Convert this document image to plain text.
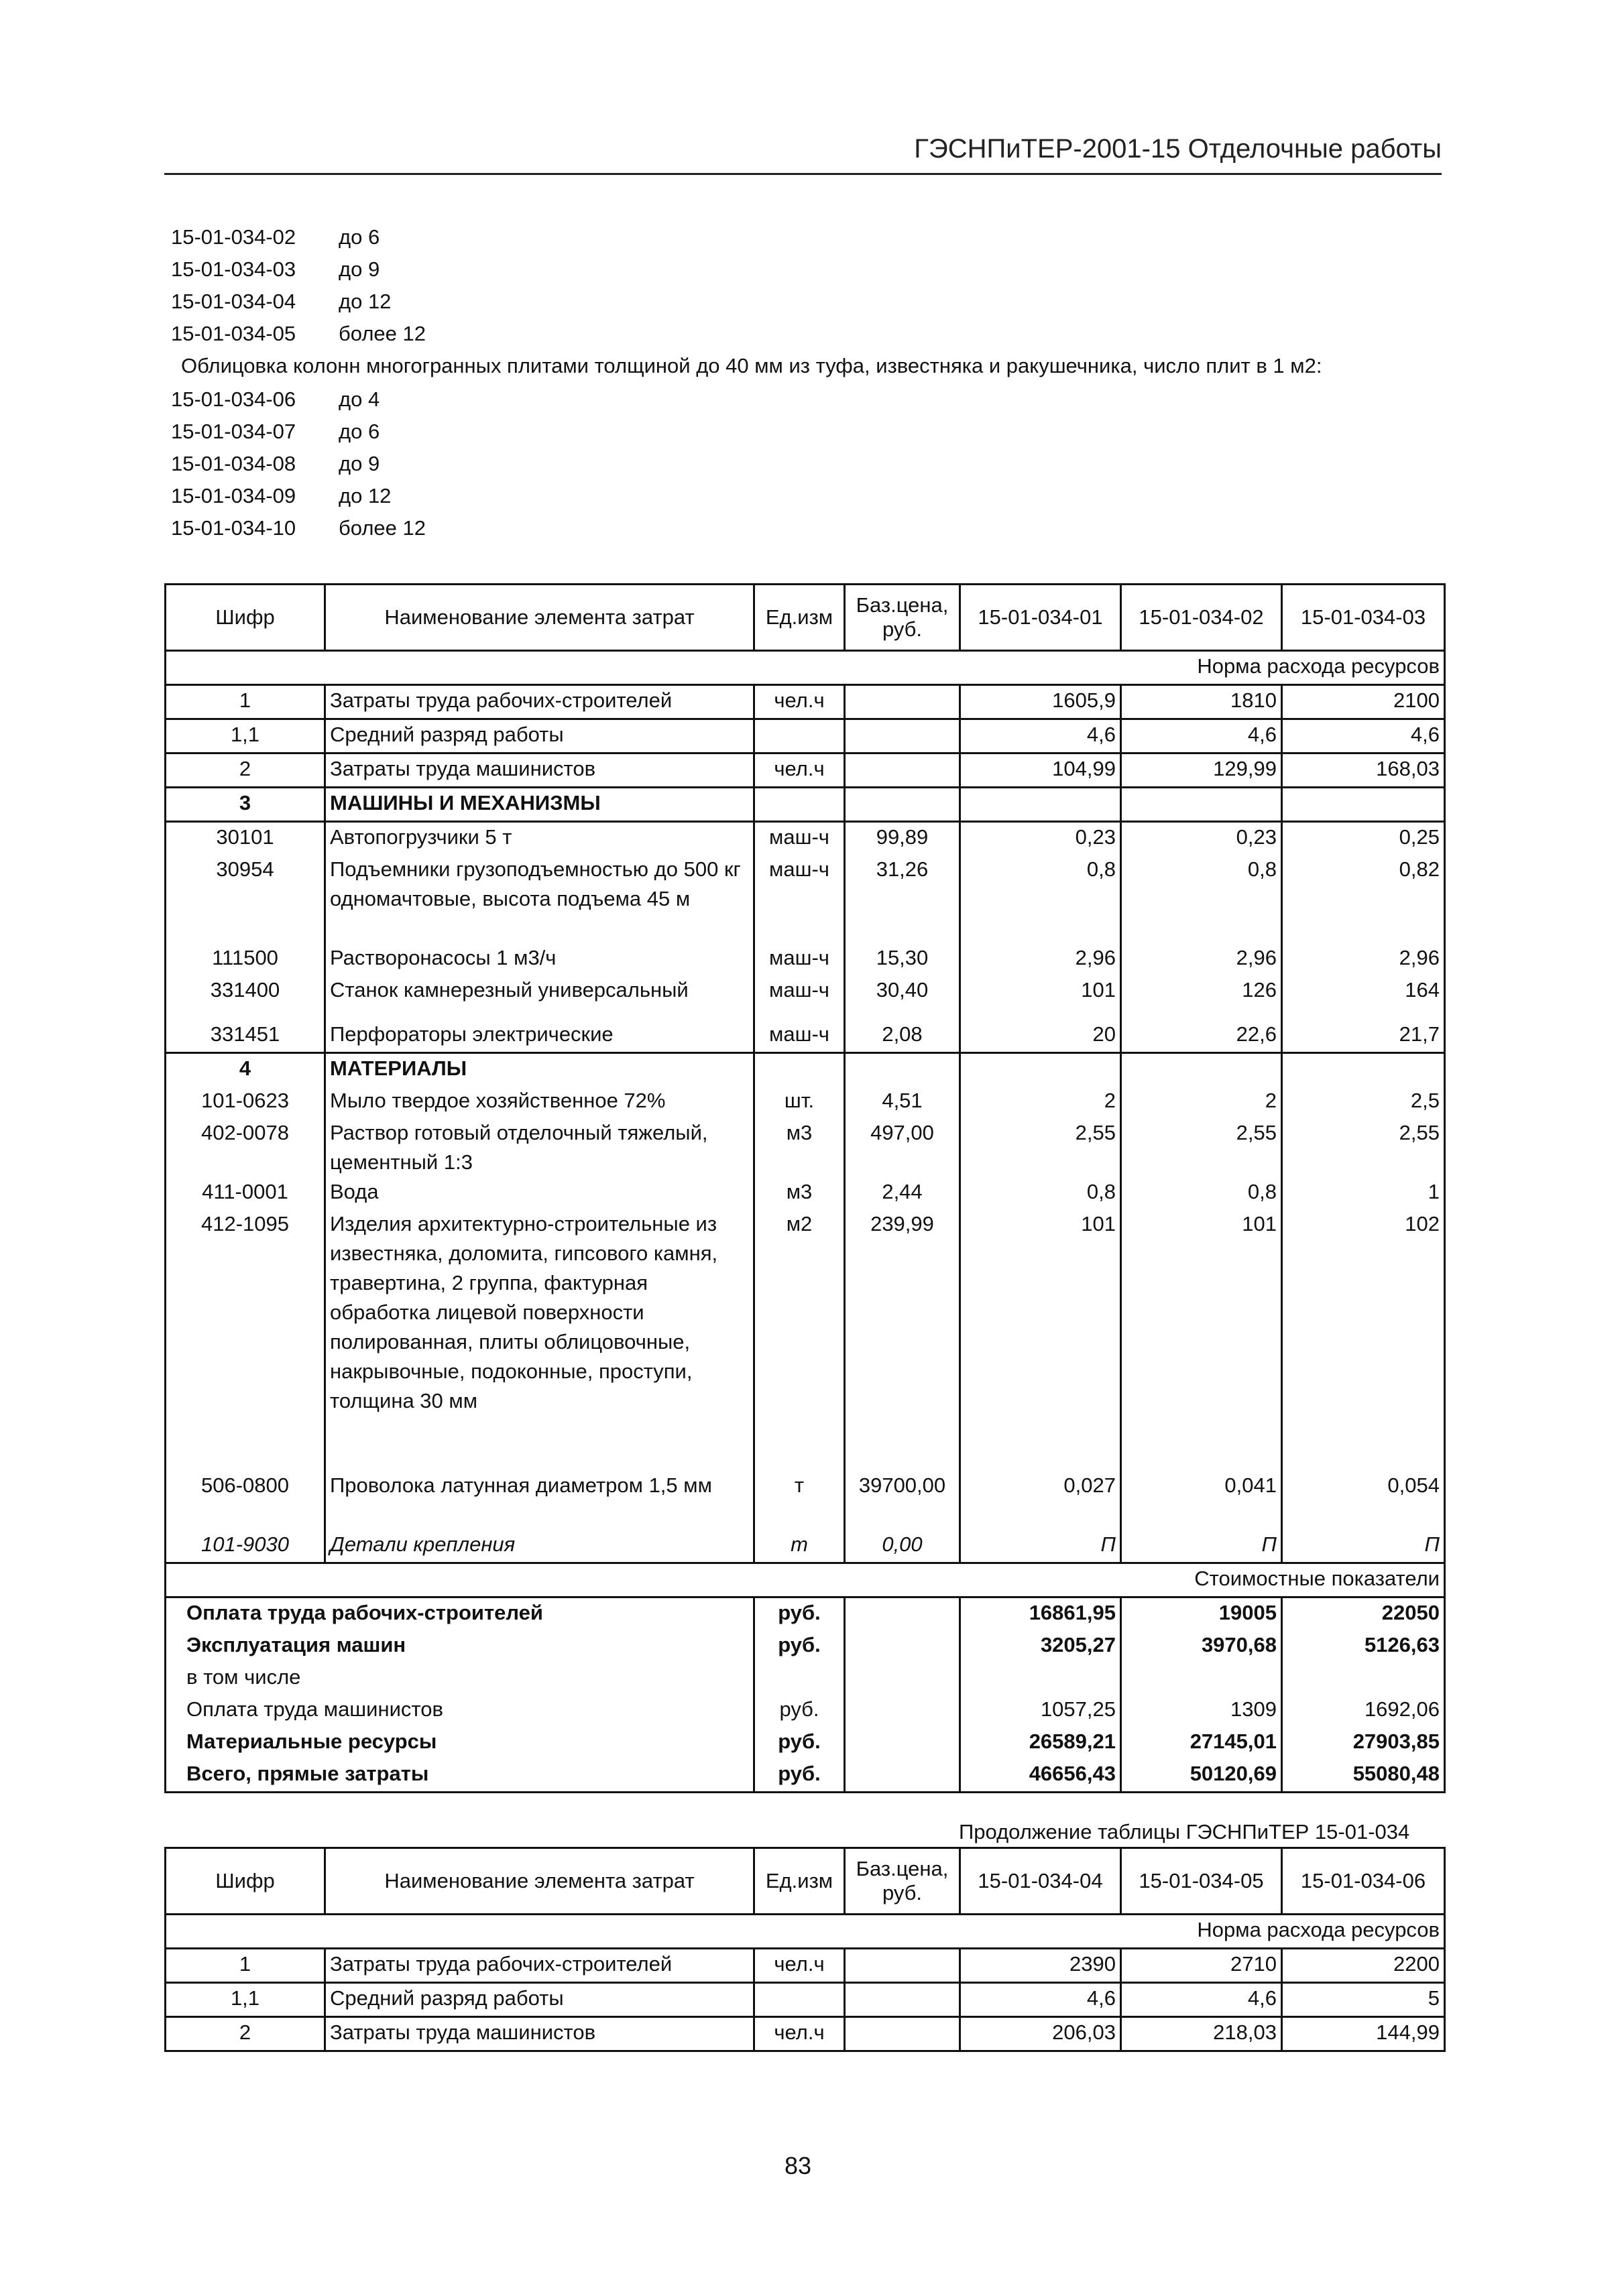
ГЭСНПиТЕР-2001-15 Отделочные работы
15-01-034-02	до 6
15-01-034-03	до 9
15-01-034-04	до 12
15-01-034-05	более 12
Облицовка колонн многогранных плитами толщиной до 40 мм из туфа, известняка и ракушечника, число плит в 1 м2:
15-01-034-06	до 4
15-01-034-07	до 6
15-01-034-08	до 9
15-01-034-09	до 12
15-01-034-10	более 12
Шифр	Наименование элемента затрат	Ед.изм	Баз.цена, руб.	15-01-034-01	15-01-034-02	15-01-034-03
Норма расхода ресурсов						
1	Затраты труда рабочих-строителей	чел.ч		1605,9	1810	2100
1,1	Средний разряд работы			4,6	4,6	4,6
2	Затраты труда машинистов	чел.ч		104,99	129,99	168,03
3	МАШИНЫ И МЕХАНИЗМЫ					
30101	Автопогрузчики 5 т	маш-ч	99,89	0,23	0,23	0,25
30954	Подъемники грузоподъемностью до 500 кг одномачтовые, высота подъема 45 м	маш-ч	31,26	0,8	0,8	0,82
111500	Растворонасосы 1 м3/ч	маш-ч	15,30	2,96	2,96	2,96
331400	Станок камнерезный универсальный	маш-ч	30,40	101	126	164
331451	Перфораторы электрические	маш-ч	2,08	20	22,6	21,7
4	МАТЕРИАЛЫ					
101-0623	Мыло твердое хозяйственное 72%	шт.	4,51	2	2	2,5
402-0078	Раствор готовый отделочный тяжелый, цементный 1:3	м3	497,00	2,55	2,55	2,55
411-0001	Вода	м3	2,44	0,8	0,8	1
412-1095	Изделия архитектурно-строительные из известняка, доломита, гипсового камня, травертина, 2 группа, фактурная обработка лицевой поверхности полированная, плиты облицовочные, накрывочные, подоконные, проступи, толщина 30 мм	м2	239,99	101	101	102
506-0800	Проволока латунная диаметром 1,5 мм	т	39700,00	0,027	0,041	0,054
101-9030	Детали крепления	т	0,00	П	П	П
Стоимостные показатели						
Оплата труда рабочих-строителей		руб.		16861,95	19005	22050
Эксплуатация машин		руб.		3205,27	3970,68	5126,63
в том числе						
Оплата труда машинистов		руб.		1057,25	1309	1692,06
Материальные ресурсы		руб.		26589,21	27145,01	27903,85
Всего, прямые затраты		руб.		46656,43	50120,69	55080,48
Продолжение таблицы ГЭСНПиТЕР 15-01-034
Шифр	Наименование элемента затрат	Ед.изм	Баз.цена, руб.	15-01-034-04	15-01-034-05	15-01-034-06
Норма расхода ресурсов						
1	Затраты труда рабочих-строителей	чел.ч		2390	2710	2200
1,1	Средний разряд работы			4,6	4,6	5
2	Затраты труда машинистов	чел.ч		206,03	218,03	144,99
83
